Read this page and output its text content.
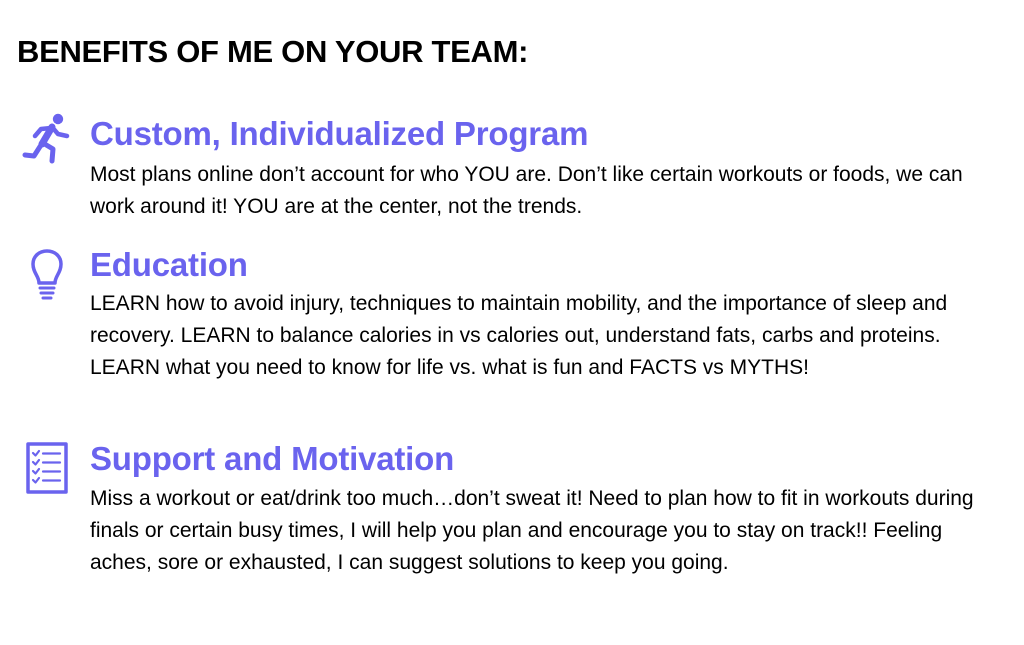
BENEFITS OF ME ON YOUR TEAM:
Custom, Individualized Program
Most plans online don’t account for who YOU are. Don’t like certain workouts or foods, we can work around it! YOU are at the center, not the trends.
Education
LEARN how to avoid injury, techniques to maintain mobility, and the importance of sleep and recovery. LEARN to balance calories in vs calories out, understand fats, carbs and proteins. LEARN what you need to know for life vs. what is fun and FACTS vs MYTHS!
Support and Motivation
Miss a workout or eat/drink too much…don’t sweat it! Need to plan how to fit in workouts during finals or certain busy times, I will help you plan and encourage you to stay on track!! Feeling aches, sore or exhausted, I can suggest solutions to keep you going.
